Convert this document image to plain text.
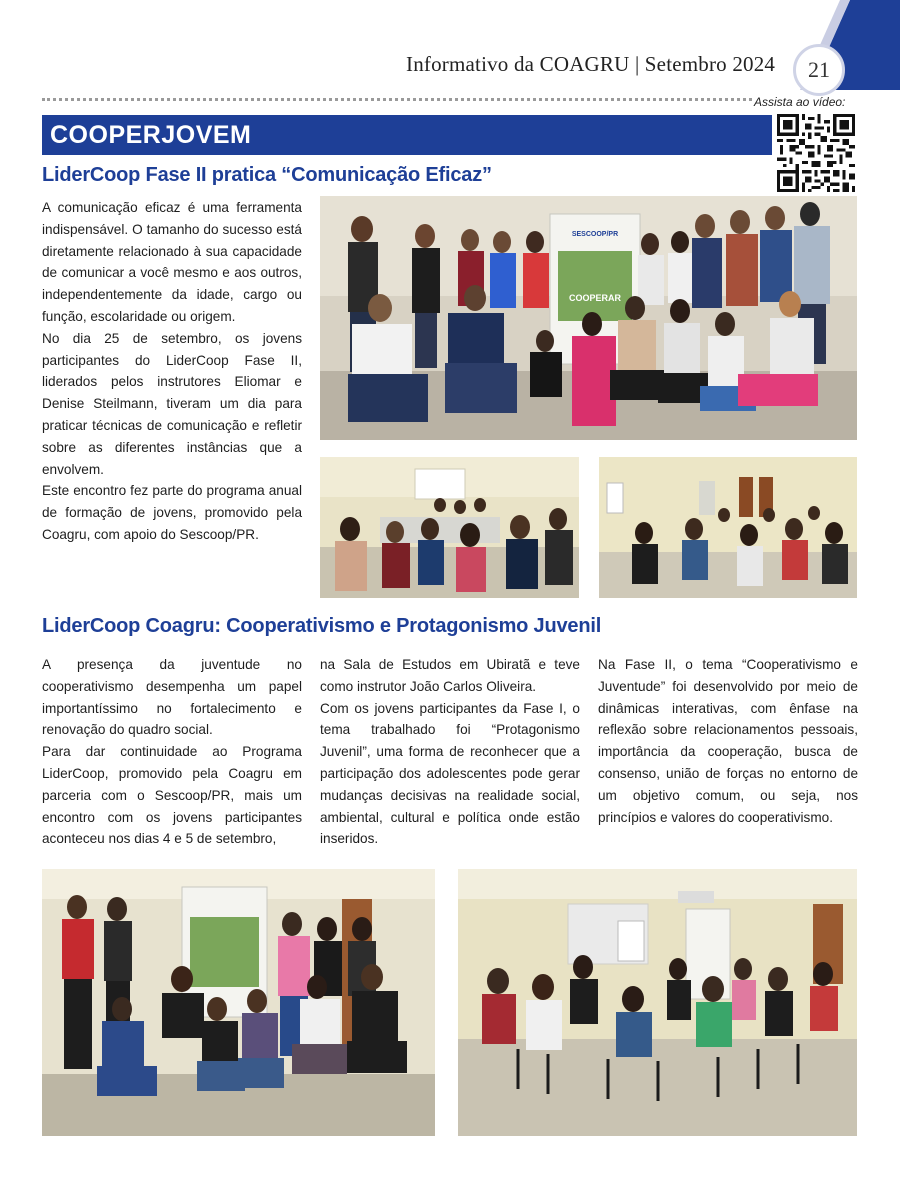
Informativo da COAGRU | Setembro 2024	21
Assista ao vídeo:
COOPERJOVEM
LiderCoop Fase II pratica “Comunicação Eficaz”

A comunicação eficaz é uma ferramenta indispensável. O tamanho do sucesso está diretamente relacionado à sua capacidade de comunicar a você mesmo e aos outros, independentemente da idade, cargo ou função, escolaridade ou origem.

No dia 25 de setembro, os jovens participantes do LiderCoop Fase II, liderados pelos instrutores Eliomar e Denise Steilmann, tiveram um dia para praticar técnicas de comunicação e refletir sobre as diferentes instâncias que a envolvem.

Este encontro fez parte do programa anual de formação de jovens, promovido pela Coagru, com apoio do Sescoop/PR.

SESCOOP/PR
COOPERAR
LiderCoop Coagru: Cooperativismo e Protagonismo Juvenil

A presença da juventude no cooperativismo desempenha um papel importantíssimo no fortalecimento e renovação do quadro social.

Para dar continuidade ao Programa LiderCoop, promovido pela Coagru em parceria com o Sescoop/PR, mais um encontro com os jovens participantes aconteceu nos dias 4 e 5 de setembro,

na Sala de Estudos em Ubiratã e teve como instrutor João Carlos Oliveira.

Com os jovens participantes da Fase I, o tema trabalhado foi “Protagonismo Juvenil”, uma forma de reconhecer que a participação dos adolescentes pode gerar mudanças decisivas na realidade social, ambiental, cultural e política onde estão inseridos.

Na Fase II, o tema “Cooperativismo e Juventude” foi desenvolvido por meio de dinâmicas interativas, com ênfase na reflexão sobre relacionamentos pessoais, importância da cooperação, busca de consenso, união de forças no entorno de um objetivo comum, ou seja, nos princípios e valores do cooperativismo.
